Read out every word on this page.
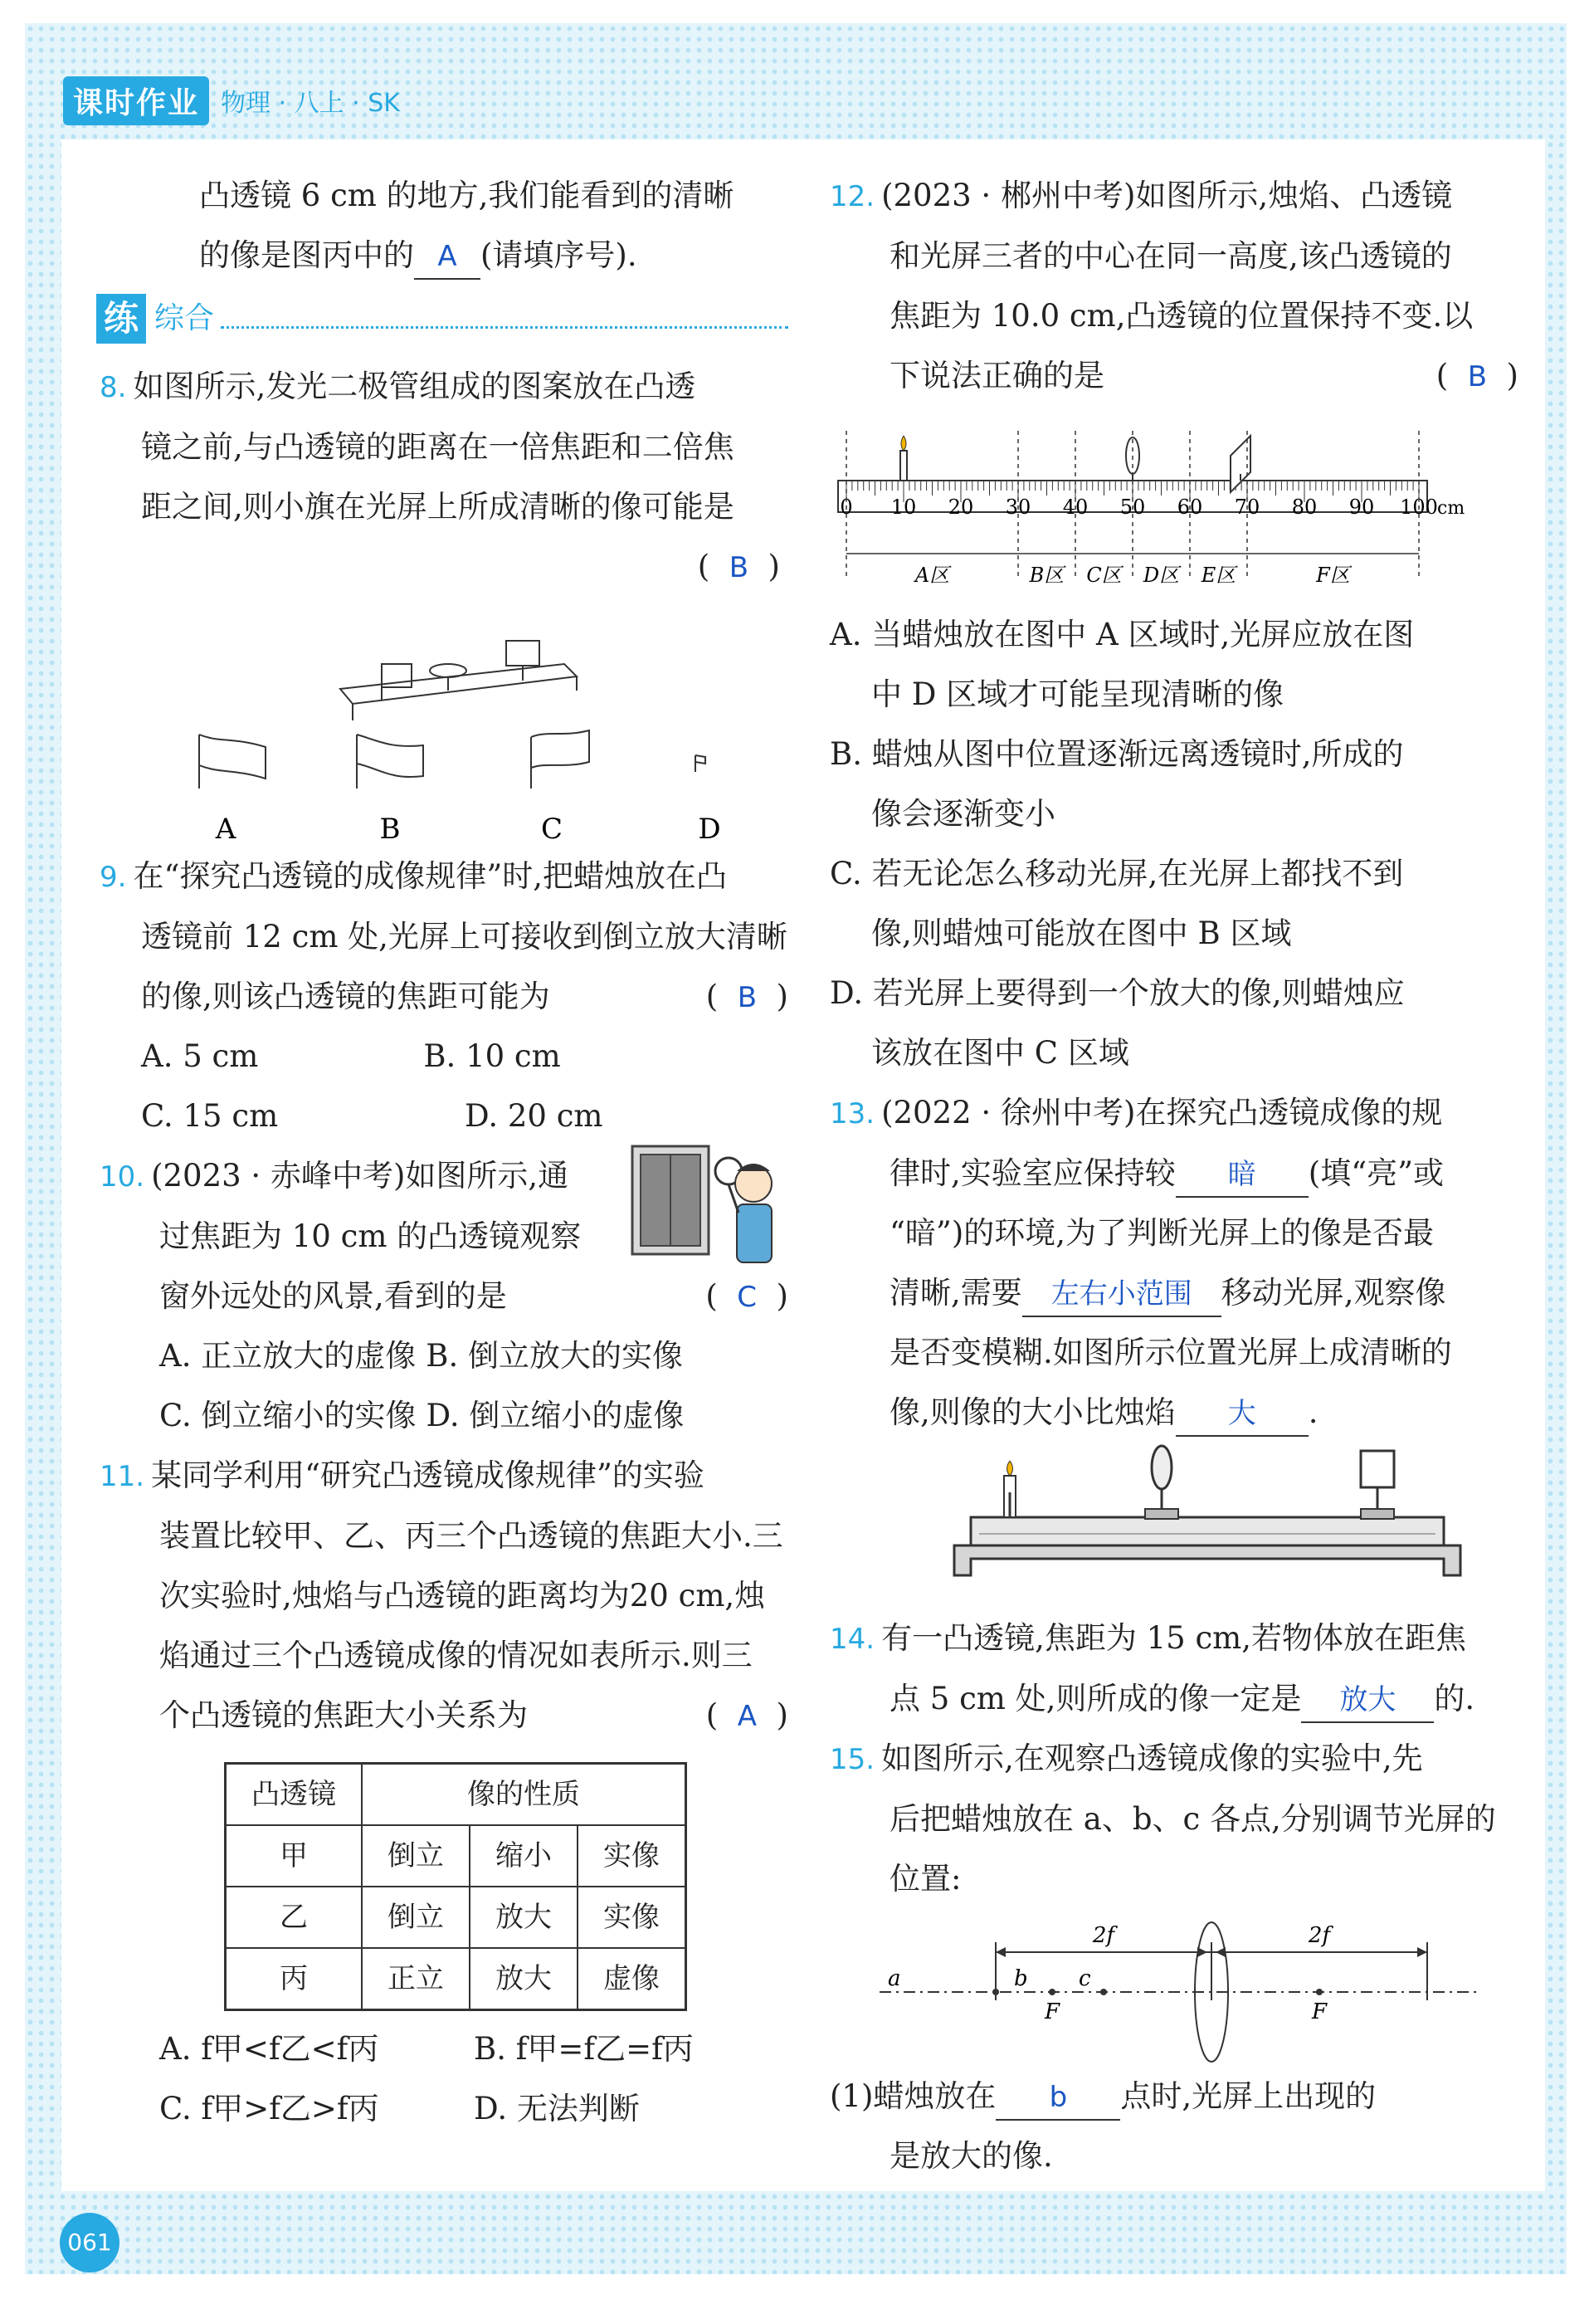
课时作业 物理 · 八上 · SK

凸透镜 6 cm 的地方,我们能看到的清晰

的像是图丙中的 A (请填序号).

练 综合

8. 如图所示,发光二极管组成的图案放在凸透

镜之前,与凸透镜的距离在一倍焦距和二倍焦

距之间,则小旗在光屏上所成清晰的像可能是

(  B  )

A	B	C	D

9. 在“探究凸透镜的成像规律”时,把蜡烛放在凸

透镜前 12 cm 处,光屏上可接收到倒立放大清晰

的像,则该凸透镜的焦距可能为	(  B  )

A. 5 cm	B. 10 cm
C. 15 cm	D. 20 cm

10. (2023 · 赤峰中考)如图所示,通

过焦距为 10 cm 的凸透镜观察

窗外远处的风景,看到的是	(  C  )

A. 正立放大的虚像 B. 倒立放大的实像
C. 倒立缩小的实像 D. 倒立缩小的虚像

11. 某同学利用“研究凸透镜成像规律”的实验

装置比较甲、乙、丙三个凸透镜的焦距大小.三

次实验时,烛焰与凸透镜的距离均为20 cm,烛

焰通过三个凸透镜成像的情况如表所示.则三

个凸透镜的焦距大小关系为	(  A  )

凸透镜	像的性质		
甲	倒立	缩小	实像
乙	倒立	放大	实像
丙	正立	放大	虚像
A. f甲<f乙<f丙	B. f甲=f乙=f丙
C. f甲>f乙>f丙	D. 无法判断

12. (2023 · 郴州中考)如图所示,烛焰、凸透镜

和光屏三者的中心在同一高度,该凸透镜的

焦距为 10.0 cm,凸透镜的位置保持不变.以

下说法正确的是	(  B  )

0 10 20 30 40 50 60 70 80 90 100 cm
A区	B区 C区 D区 E区	F区

A. 当蜡烛放在图中 A 区域时,光屏应放在图

中 D 区域才可能呈现清晰的像

B. 蜡烛从图中位置逐渐远离透镜时,所成的

像会逐渐变小

C. 若无论怎么移动光屏,在光屏上都找不到

像,则蜡烛可能放在图中 B 区域

D. 若光屏上要得到一个放大的像,则蜡烛应

该放在图中 C 区域

13. (2022 · 徐州中考)在探究凸透镜成像的规

律时,实验室应保持较 暗 (填“亮”或

“暗”)的环境,为了判断光屏上的像是否最

清晰,需要 左右小范围 移动光屏,观察像

是否变模糊.如图所示位置光屏上成清晰的

像,则像的大小比烛焰 大 .

14. 有一凸透镜,焦距为 15 cm,若物体放在距焦

点 5 cm 处,则所成的像一定是 放大 的.

15. 如图所示,在观察凸透镜成像的实验中,先

后把蜡烛放在 a、b、c 各点,分别调节光屏的

位置:

2f	2f
a	b c
F	F

(1)蜡烛放在 b 点时,光屏上出现的

是放大的像.

061
